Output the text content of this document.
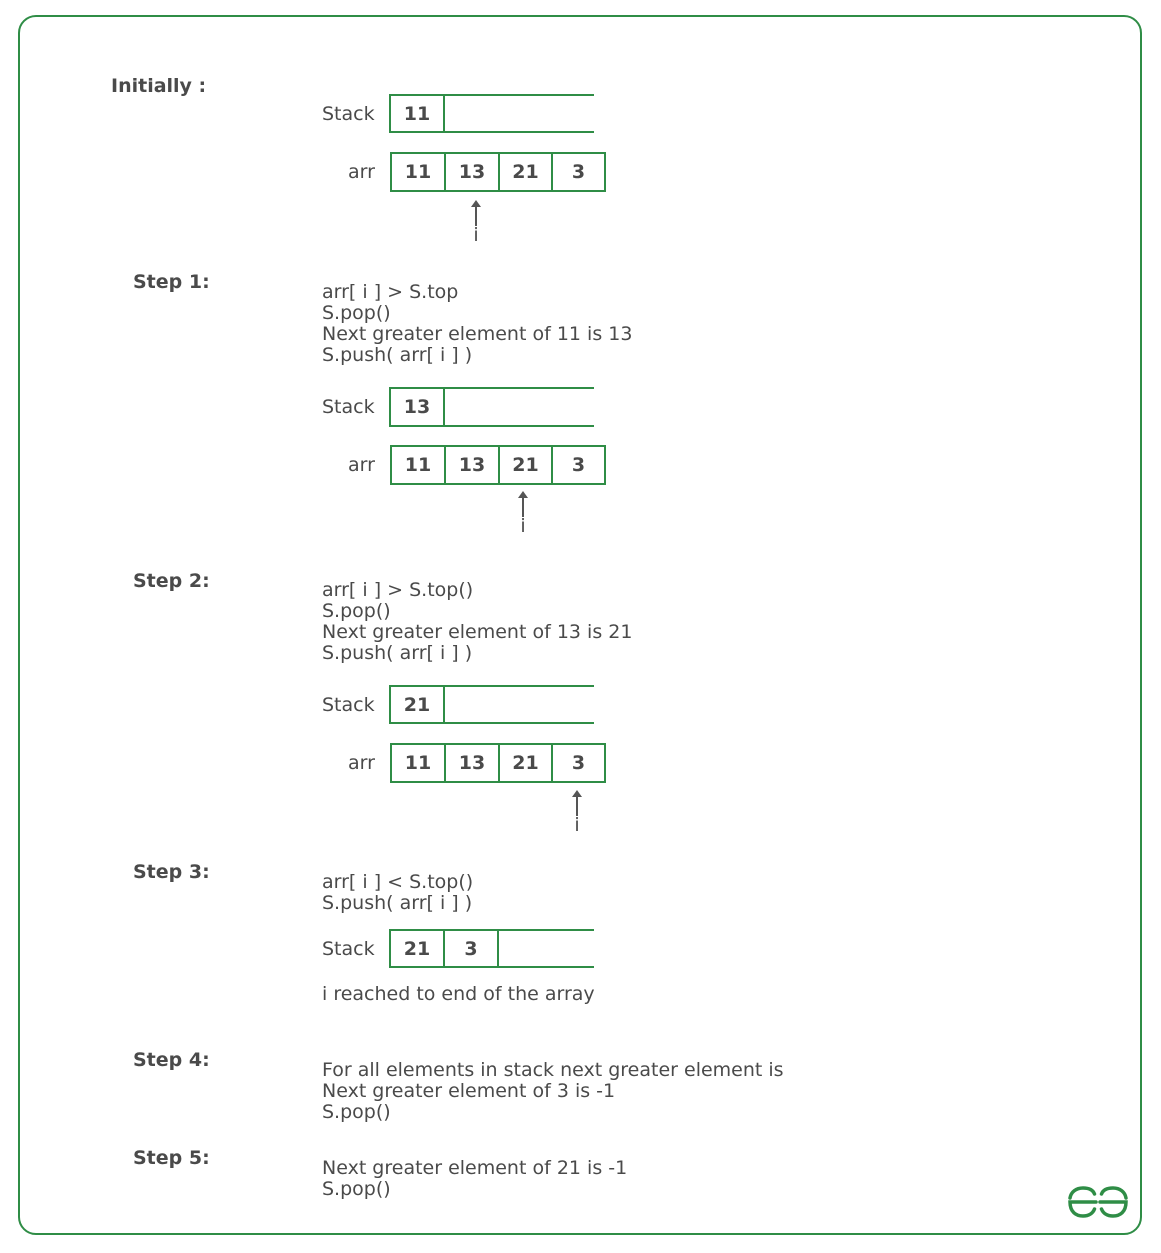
Initially :
Stack	11
arr	11	13	21	3
i
Step 1:	arr[ i ] > S.top
S.pop()
Next greater element of 11 is 13
S.push( arr[ i ] )
Stack	13
arr	11	13	21	3
i
Step 2:	arr[ i ] > S.top()
S.pop()
Next greater element of 13 is 21
S.push( arr[ i ] )
Stack	21
arr	11	13	21	3
i
Step 3:	arr[ i ] < S.top()
S.push( arr[ i ] )
Stack	21	3
i reached to end of the array
Step 4:	For all elements in stack next greater element is
Next greater element of 3 is -1
S.pop()
Step 5:	Next greater element of 21 is -1
S.pop()
